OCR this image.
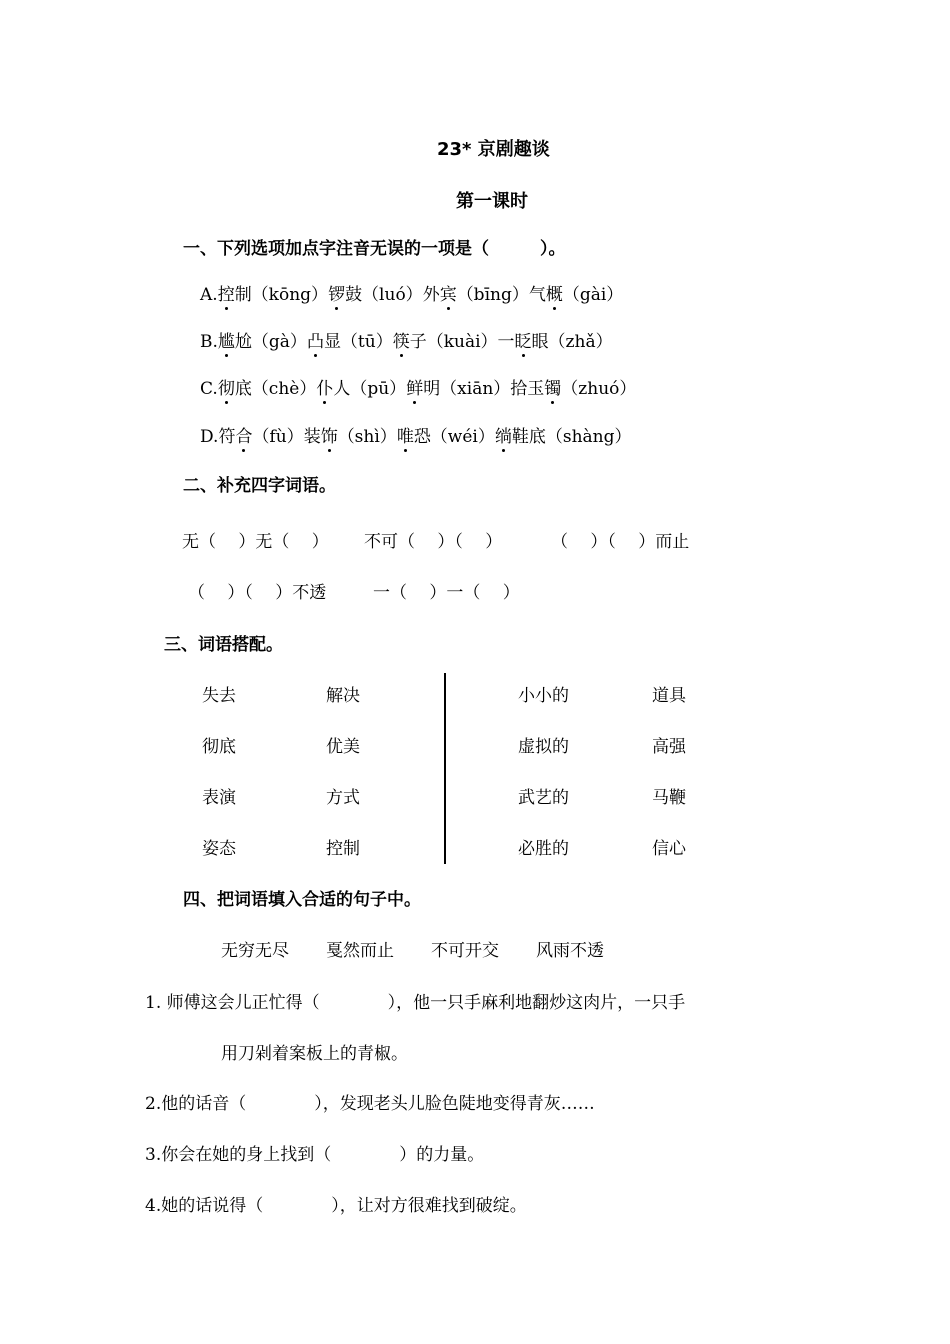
23* 京剧趣谈
第一课时
一、下列选项加点字注音无误的一项是（　　　）。
A.控制（kōng）锣鼓（luó）外宾（bīng）气概（gài）
B.尴尬（gà）凸显（tū）筷子（kuài）一眨眼（zhǎ）
C.彻底（chè）仆人（pū）鲜明（xiān）拾玉镯（zhuó）
D.符合（fù）装饰（shì）唯恐（wéi）绱鞋底（shàng）
二、补充四字词语。
无（　 ）无（　 ） 不可（　 ）（　 ）	（　 ）（　 ）而止
（　 ）（　 ）不透	一（　 ）一（　 ）
三、词语搭配。
失去
彻底
表演
姿态
解决
优美
方式
控制
小小的
虚拟的
武艺的
必胜的
道具
高强
马鞭
信心
四、把词语填入合适的句子中。
无穷无尽 戛然而止 不可开交 风雨不透
1. 师傅这会儿正忙得（　　　　），他一只手麻利地翻炒这肉片，一只手
用刀剁着案板上的青椒。
2.他的话音（　　　　），发现老头儿脸色陡地变得青灰……
3.你会在她的身上找到（　　　　）的力量。
4.她的话说得（　　　　），让对方很难找到破绽。
